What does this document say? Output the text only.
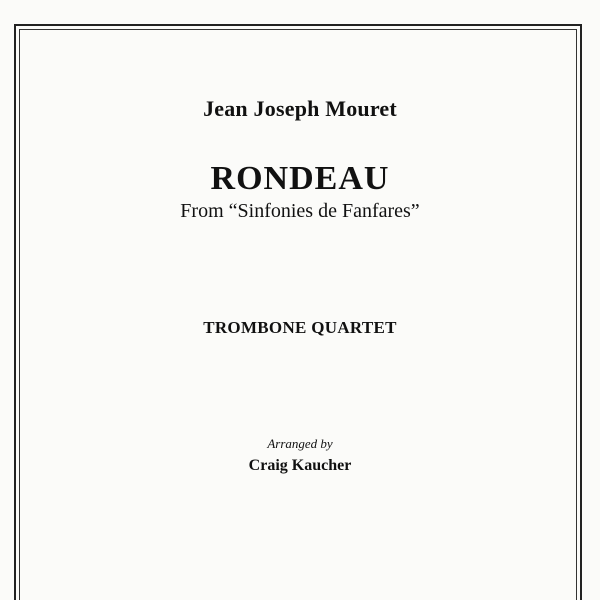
Jean Joseph Mouret
RONDEAU
From “Sinfonies de Fanfares”
TROMBONE QUARTET
Arranged by
Craig Kaucher
